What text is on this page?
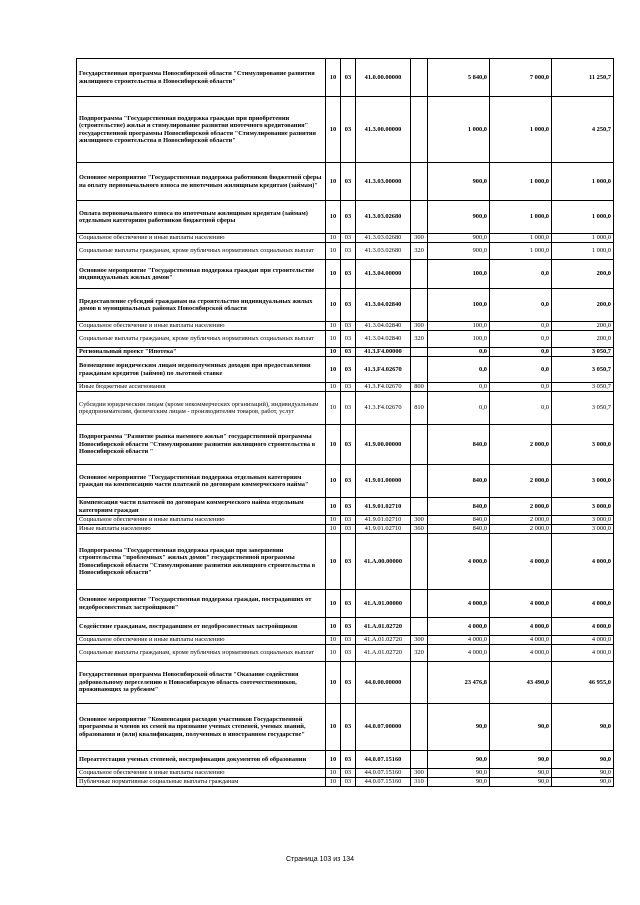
Государственная программа Новосибирской области "Стимулирование развития жилищного строительства в Новосибирской области"	10	03	41.0.00.00000		5 840,0	7 000,0	11 250,7
Подпрограмма "Государственная поддержка граждан при приобретении (строительстве) жилья и стимулирование развития ипотечного кредитования" государственной программы Новосибирской области "Стимулирование развития жилищного строительства в Новосибирской области"	10	03	41.3.00.00000		1 000,0	1 000,0	4 250,7
Основное мероприятие "Государственная поддержка работников бюджетной сферы на оплату первоначального взноса по ипотечным жилищным кредитам (займам)"	10	03	41.3.03.00000		900,0	1 000,0	1 000,0
Оплата первоначального взноса по ипотечным жилищным кредитам (займам) отдельным категориям работников бюджетной сферы	10	03	41.3.03.02680		900,0	1 000,0	1 000,0
Социальное обеспечение и иные выплаты населению	10	03	41.3.03.02680	300	900,0	1 000,0	1 000,0
Социальные выплаты гражданам, кроме публичных нормативных социальных выплат	10	03	41.3.03.02680	320	900,0	1 000,0	1 000,0
Основное мероприятие "Государственная поддержка граждан при строительстве индивидуальных жилых домов"	10	03	41.3.04.00000		100,0	0,0	200,0
Предоставление субсидий гражданам на строительство индивидуальных жилых домов в муниципальных районах Новосибирской области	10	03	41.3.04.02840		100,0	0,0	200,0
Социальное обеспечение и иные выплаты населению	10	03	41.3.04.02840	300	100,0	0,0	200,0
Социальные выплаты гражданам, кроме публичных нормативных социальных выплат	10	03	41.3.04.02840	320	100,0	0,0	200,0
Региональный проект "Ипотека"	10	03	41.3.F4.00000		0,0	0,0	3 050,7
Возмещение юридическим лицам недополученных доходов при предоставлении гражданам кредитов (займов) по льготной ставке	10	03	41.3.F4.02670		0,0	0,0	3 050,7
Иные бюджетные ассигнования	10	03	41.3.F4.02670	800	0,0	0,0	3 050,7
Субсидии юридическим лицам (кроме некоммерческих организаций), индивидуальным предпринимателям, физическим лицам - производителям товаров, работ, услуг	10	03	41.3.F4.02670	810	0,0	0,0	3 050,7
Подпрограмма "Развитие рынка наемного жилья" государственной программы Новосибирской области "Стимулирование развития жилищного строительства в Новосибирской области "	10	03	41.9.00.00000		840,0	2 000,0	3 000,0
Основное мероприятие "Государственная поддержка отдельным категориям граждан на компенсацию части платежей по договорам коммерческого найма"	10	03	41.9.01.00000		840,0	2 000,0	3 000,0
Компенсация части платежей по договорам коммерческого найма отдельным категориям граждан	10	03	41.9.01.02710		840,0	2 000,0	3 000,0
Социальное обеспечение и иные выплаты населению	10	03	41.9.01.02710	300	840,0	2 000,0	3 000,0
Иные выплаты населению	10	03	41.9.01.02710	360	840,0	2 000,0	3 000,0
Подпрограмма "Государственная поддержка граждан при завершении строительства "проблемных" жилых домов" государственной программы Новосибирской области "Стимулирование развития жилищного строительства в Новосибирской области"	10	03	41.А.00.00000		4 000,0	4 000,0	4 000,0
Основное мероприятие "Государственная поддержка граждан, пострадавших от недобросовестных застройщиков"	10	03	41.А.01.00000		4 000,0	4 000,0	4 000,0
Содействие гражданам, пострадавшим от недобросовестных застройщиков	10	03	41.А.01.02720		4 000,0	4 000,0	4 000,0
Социальное обеспечение и иные выплаты населению	10	03	41.А.01.02720	300	4 000,0	4 000,0	4 000,0
Социальные выплаты гражданам, кроме публичных нормативных социальных выплат	10	03	41.А.01.02720	320	4 000,0	4 000,0	4 000,0
Государственная программа Новосибирской области "Оказание содействия добровольному переселению в Новосибирскую область соотечественников, проживающих за рубежом"	10	03	44.0.00.00000		23 476,8	43 490,0	46 955,0
Основное мероприятие "Компенсация расходов участников Государственной программы и членов их семей на признание ученых степеней, ученых званий, образования и (или) квалификации, полученных в иностранном государстве"	10	03	44.0.07.00000		90,0	90,0	90,0
Переаттестация ученых степеней, нострификации документов об образовании	10	03	44.0.07.15160		90,0	90,0	90,0
Социальное обеспечение и иные выплаты населению	10	03	44.0.07.15160	300	90,0	90,0	90,0
Публичные нормативные социальные выплаты гражданам	10	03	44.0.07.15160	310	90,0	90,0	90,0
Страница 103 из 134
